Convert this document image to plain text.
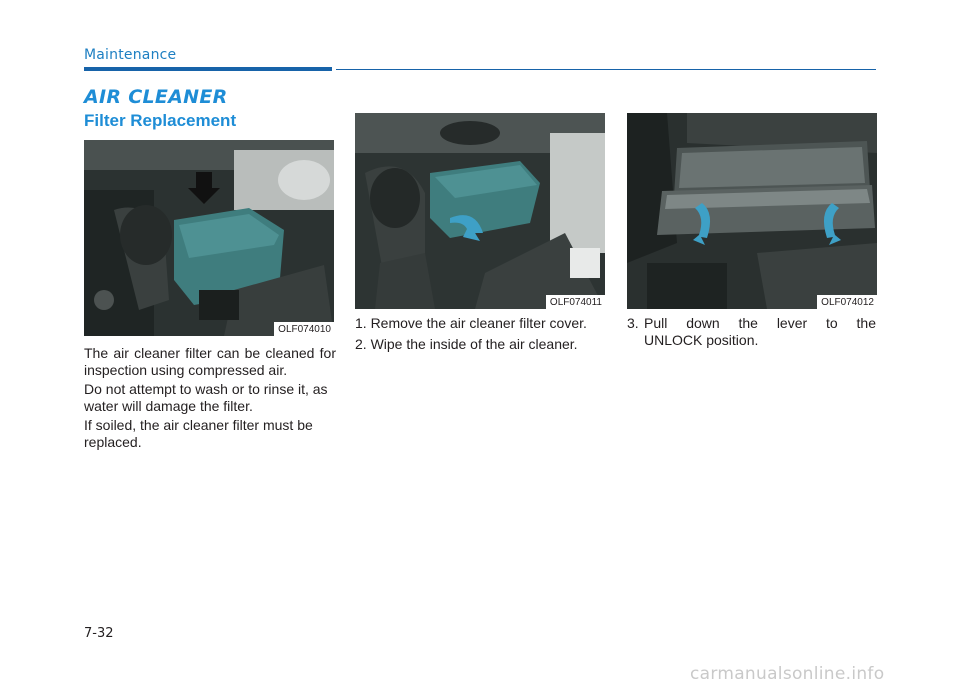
Maintenance
AIR CLEANER
Filter Replacement
OLF074010
OLF074011	OLF074012

The air cleaner filter can be cleaned for inspection using compressed air.

Do not attempt to wash or to rinse it, as water will damage the filter.

If soiled, the air cleaner filter must be replaced.

1. Remove the air cleaner filter cover.

2. Wipe the inside of the air cleaner.

3. Pull down the lever to the
UNLOCK position.

7-32
carmanualsonline.info
